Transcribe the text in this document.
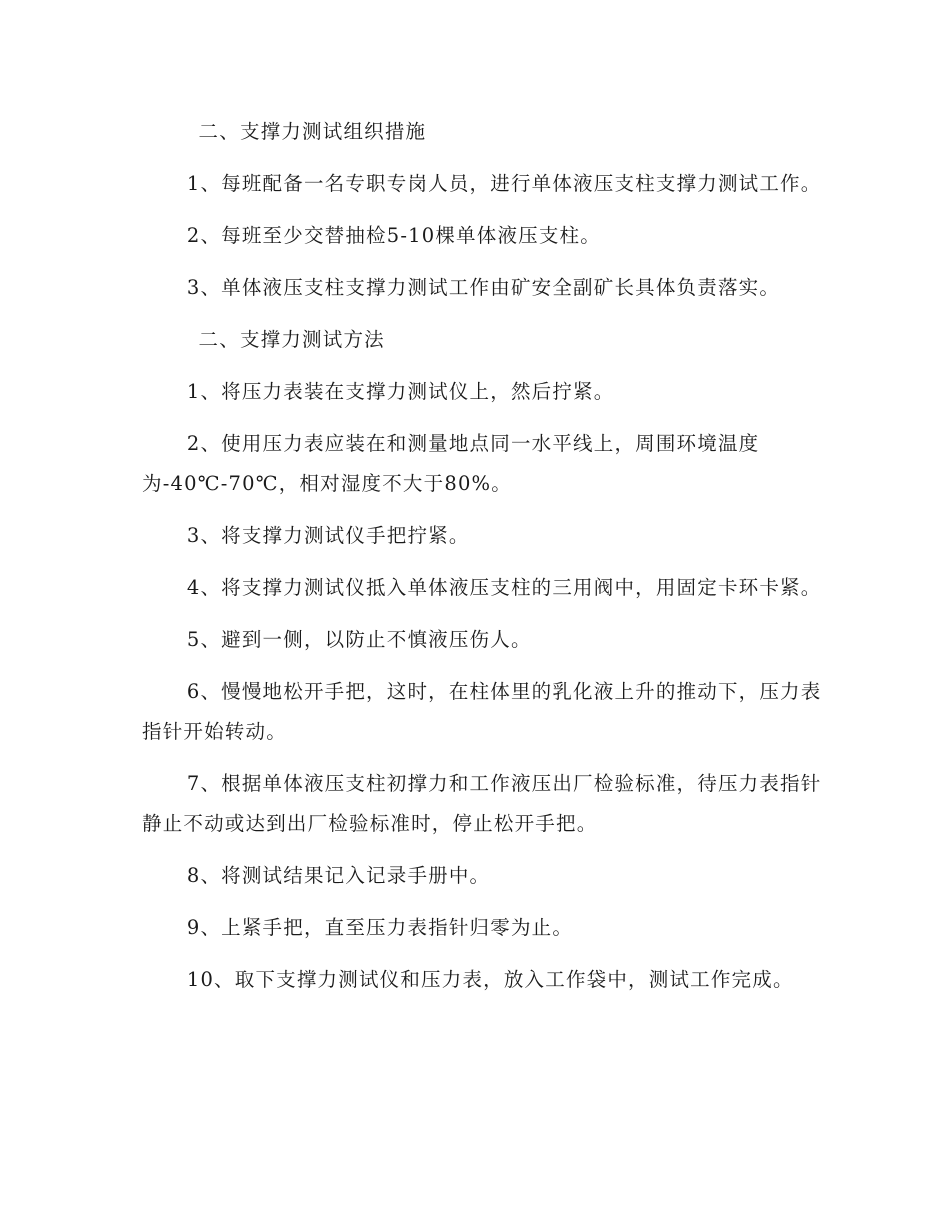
二、支撑力测试组织措施

1、每班配备一名专职专岗人员，进行单体液压支柱支撑力测试工作。

2、每班至少交替抽检5-10棵单体液压支柱。

3、单体液压支柱支撑力测试工作由矿安全副矿长具体负责落实。

二、支撑力测试方法

1、将压力表装在支撑力测试仪上，然后拧紧。

2、使用压力表应装在和测量地点同一水平线上，周围环境温度为-40℃-70℃，相对湿度不大于80%。

3、将支撑力测试仪手把拧紧。

4、将支撑力测试仪抵入单体液压支柱的三用阀中，用固定卡环卡紧。

5、避到一侧，以防止不慎液压伤人。

6、慢慢地松开手把，这时，在柱体里的乳化液上升的推动下，压力表指针开始转动。

7、根据单体液压支柱初撑力和工作液压出厂检验标准，待压力表指针静止不动或达到出厂检验标准时，停止松开手把。

8、将测试结果记入记录手册中。

9、上紧手把，直至压力表指针归零为止。

10、取下支撑力测试仪和压力表，放入工作袋中，测试工作完成。
